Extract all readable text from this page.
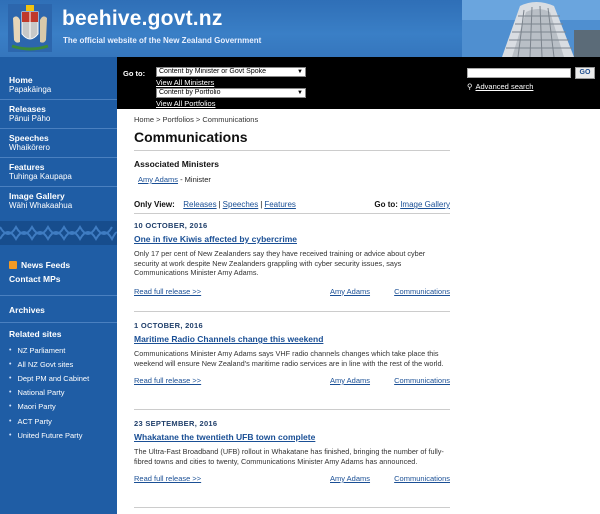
beehive.govt.nz
The official website of the New Zealand Government
Home
Papakāinga
Releases
Pānui Pāho
Speeches
Whaikōrero
Features
Tuhinga Kaupapa
Image Gallery
Wāhi Whakaahua
News Feeds
Contact MPs
Archives
Related sites
• NZ Parliament
• All NZ Govt sites
• Dept PM and Cabinet
• National Party
• Maori Party
• ACT Party
• United Future Party
Go to:	Content by Minister or Govt Spoke	▼
View All Ministers
Content by Portfolio	▼
View All Portfolios
GO
⚲ Advanced search
Home > Portfolios > Communications
Communications
Associated Ministers
Amy Adams - Minister
Only View: Releases | Speeches | Features	Go to: Image Gallery
10 OCTOBER, 2016
One in five Kiwis affected by cybercrime
Only 17 per cent of New Zealanders say they have received training or advice about cyber security at work despite New Zealanders grappling with cyber security issues, says Communications Minister Amy Adams.
Read full release >>	Amy Adams	Communications
1 OCTOBER, 2016
Maritime Radio Channels change this weekend
Communications Minister Amy Adams says VHF radio channels changes which take place this weekend will ensure New Zealand's maritime radio services are in line with the rest of the world.
Read full release >>	Amy Adams	Communications
23 SEPTEMBER, 2016
Whakatane the twentieth UFB town complete
The Ultra-Fast Broadband (UFB) rollout in Whakatane has finished, bringing the number of fully-fibred towns and cities to twenty, Communications Minister Amy Adams has announced.
Read full release >>	Amy Adams	Communications
